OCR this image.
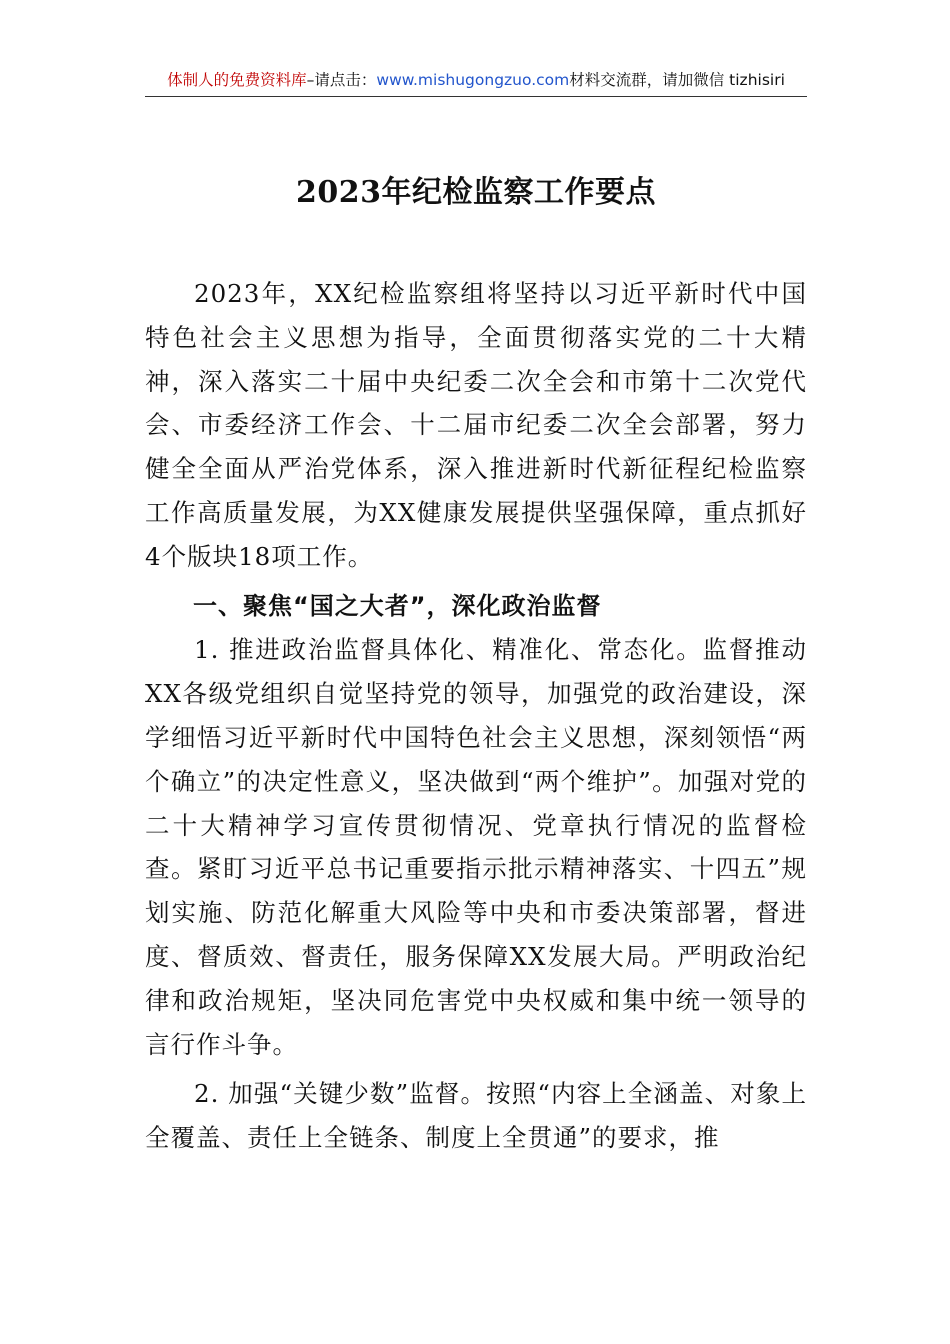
体制人的免费资料库–请点击：www.mishugongzuo.com材料交流群，请加微信 tizhisiri
2023年纪检监察工作要点

2023年，XX纪检监察组将坚持以习近平新时代中国特色社会主义思想为指导，全面贯彻落实党的二十大精神，深入落实二十届中央纪委二次全会和市第十二次党代会、市委经济工作会、十二届市纪委二次全会部署，努力健全全面从严治党体系，深入推进新时代新征程纪检监察工作高质量发展，为XX健康发展提供坚强保障，重点抓好 4个版块18项工作。

一、聚焦“国之大者”，深化政治监督

1. 推进政治监督具体化、精准化、常态化。监督推动XX各级党组织自觉坚持党的领导，加强党的政治建设，深学细悟习近平新时代中国特色社会主义思想，深刻领悟“两个确立”的决定性意义，坚决做到“两个维护”。加强对党的二十大精神学习宣传贯彻情况、党章执行情况的监督检查。紧盯习近平总书记重要指示批示精神落实、十四五”规划实施、防范化解重大风险等中央和市委决策部署，督进度、督质效、督责任，服务保障XX发展大局。严明政治纪律和政治规矩，坚决同危害党中央权威和集中统一领导的言行作斗争。

2. 加强“关键少数”监督。按照“内容上全涵盖、对象上全覆盖、责任上全链条、制度上全贯通”的要求，推
